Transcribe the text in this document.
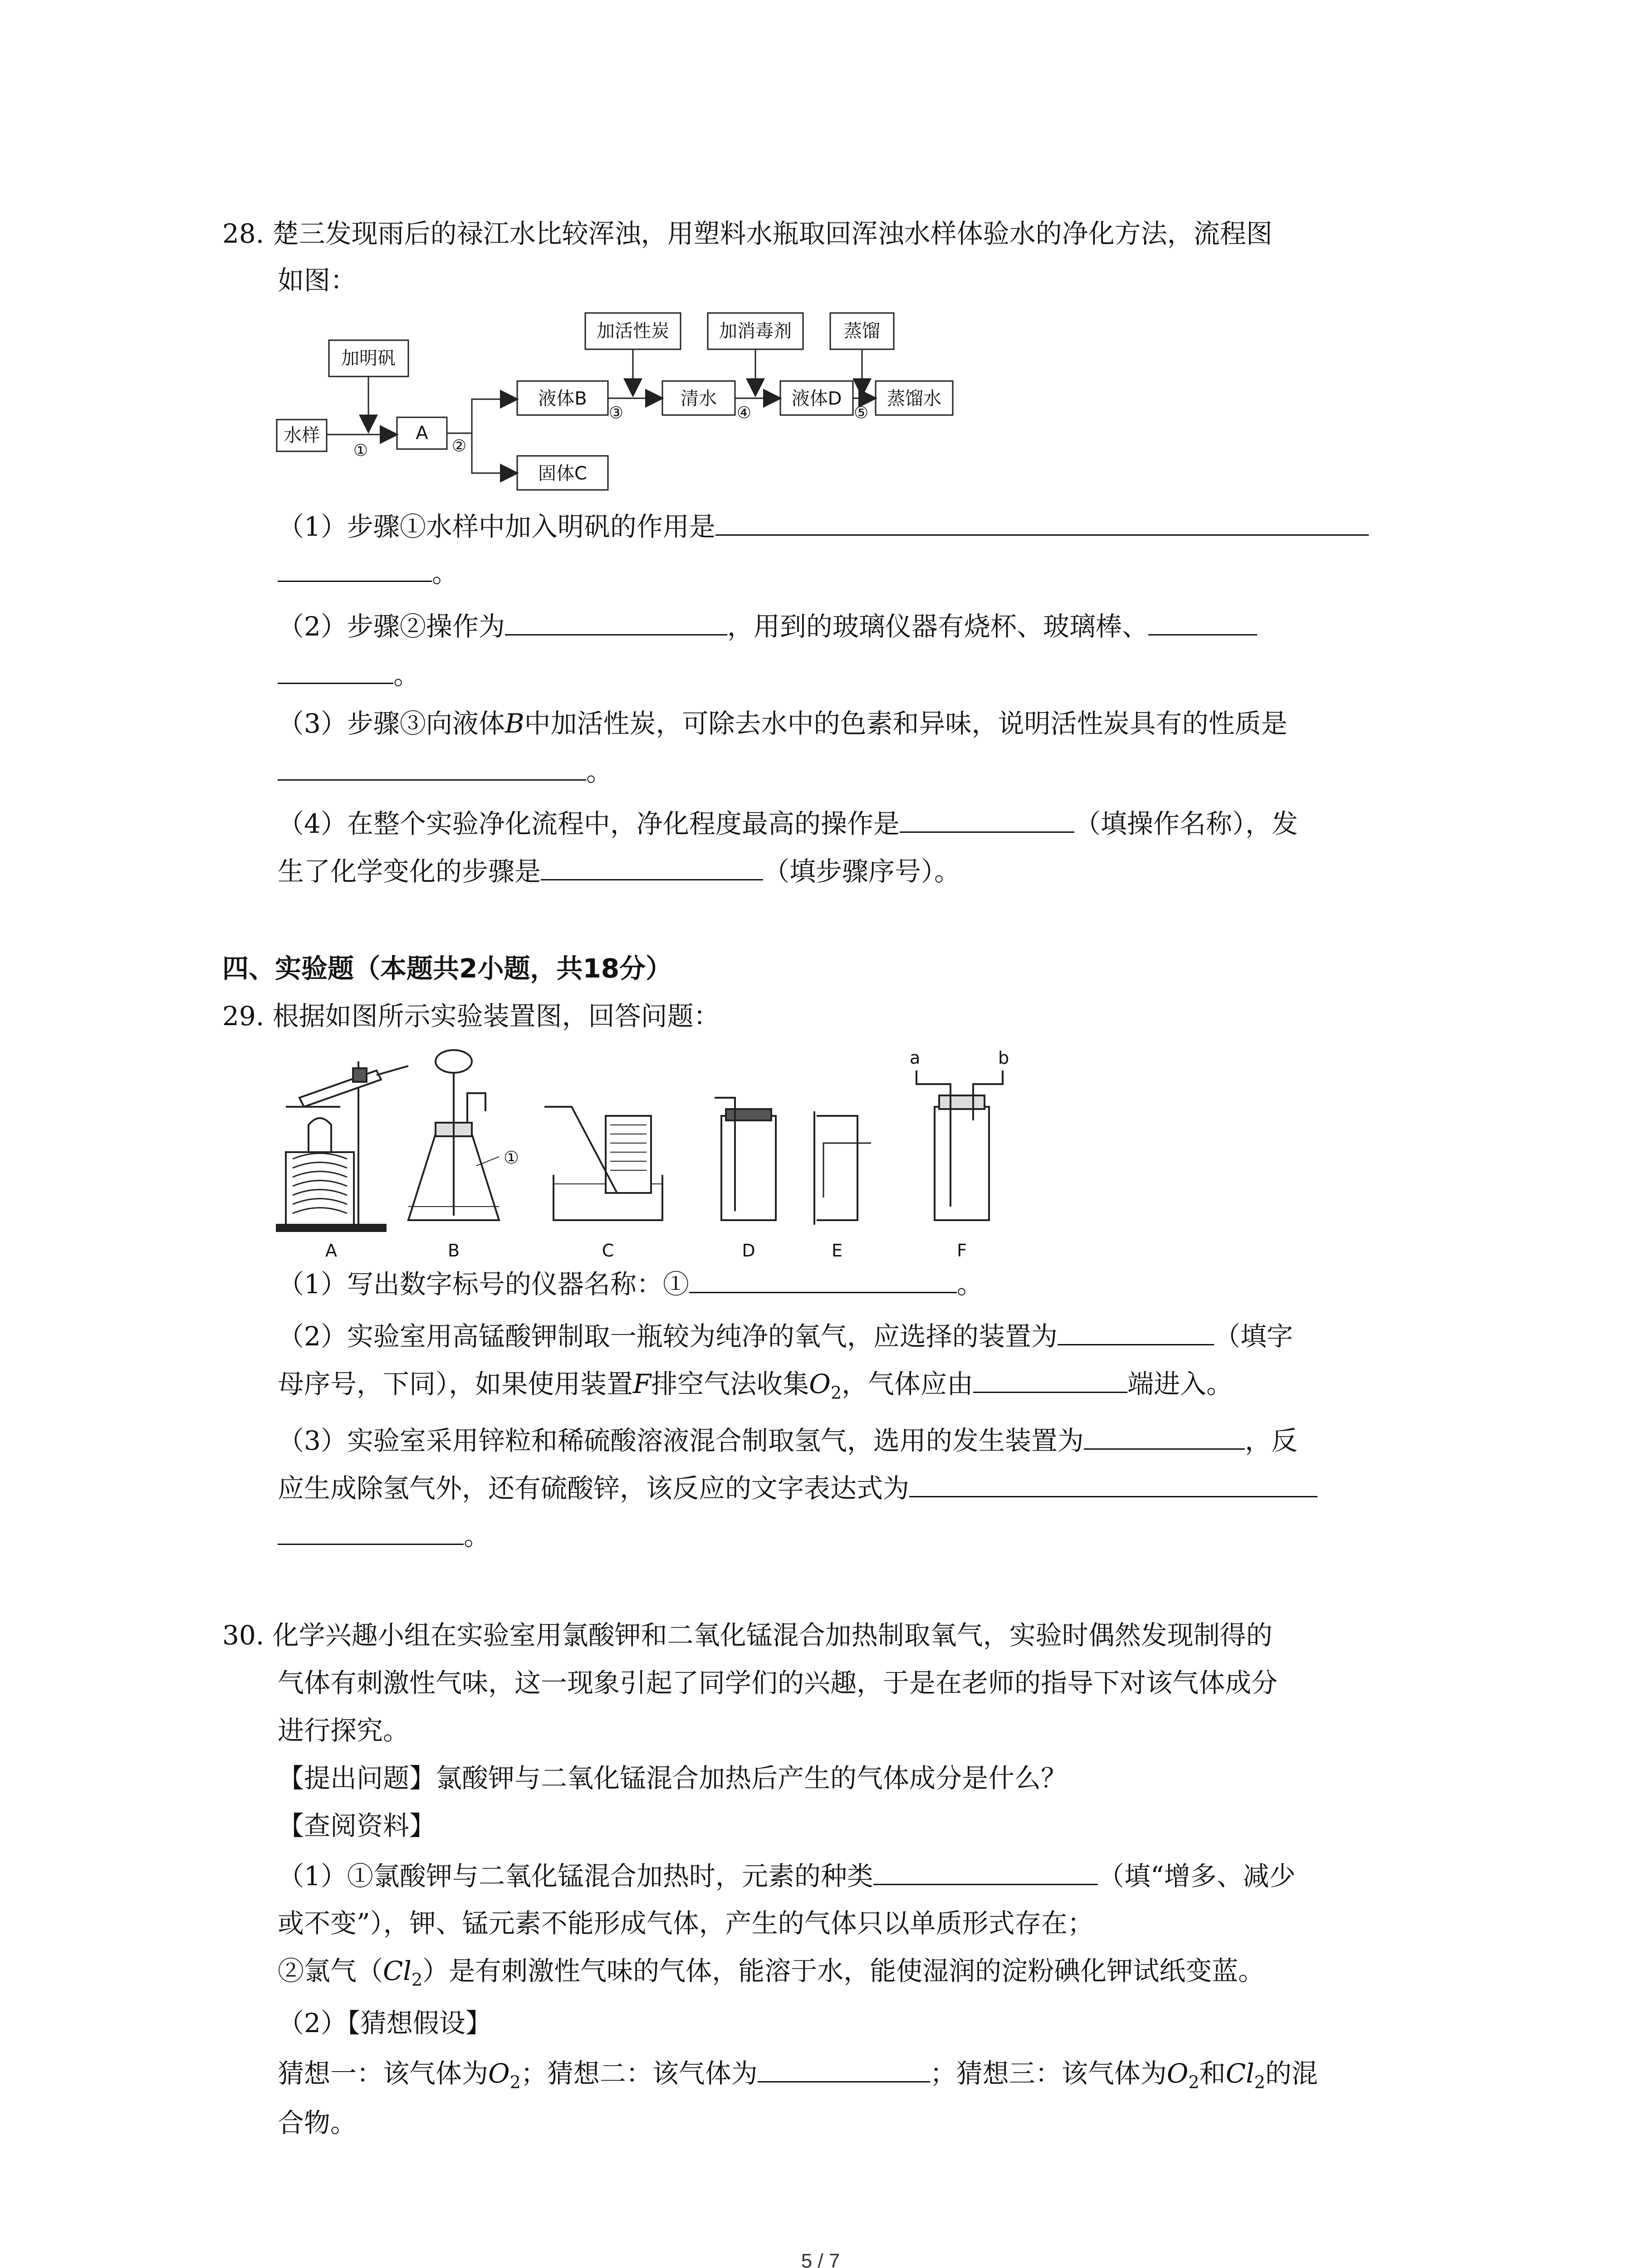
28. 楚三发现雨后的禄江水比较浑浊，用塑料水瓶取回浑浊水样体验水的净化方法，流程图
如图：
水样
加明矾
A
液体B
固体C
加活性炭
清水
加消毒剂
液体D
蒸馏
蒸馏水
①	②
③	④	⑤
（1）步骤①水样中加入明矾的作用是
。
（2）步骤②操作为	，用到的玻璃仪器有烧杯、玻璃棒、
。
（3）步骤③向液体B中加活性炭，可除去水中的色素和异味，说明活性炭具有的性质是
。
（4）在整个实验净化流程中，净化程度最高的操作是	（填操作名称），发
生了化学变化的步骤是	（填步骤序号）。
四、实验题（本题共2小题，共18分）
29. 根据如图所示实验装置图，回答问题：
①
a	b
A	B	C	D	E	F
（1）写出数字标号的仪器名称：①	。
（2）实验室用高锰酸钾制取一瓶较为纯净的氧气，应选择的装置为	（填字
母序号，下同），如果使用装置F排空气法收集$O_2$，气体应由	端进入。
（3）实验室采用锌粒和稀硫酸溶液混合制取氢气，选用的发生装置为	，反
应生成除氢气外，还有硫酸锌，该反应的文字表达式为
。
30. 化学兴趣小组在实验室用氯酸钾和二氧化锰混合加热制取氧气，实验时偶然发现制得的
气体有刺激性气味，这一现象引起了同学们的兴趣，于是在老师的指导下对该气体成分
进行探究。
【提出问题】氯酸钾与二氧化锰混合加热后产生的气体成分是什么？
【查阅资料】
（1）①氯酸钾与二氧化锰混合加热时，元素的种类	（填“增多、减少
或不变”），钾、锰元素不能形成气体，产生的气体只以单质形式存在；
②氯气$(Cl_2)$是有刺激性气味的气体，能溶于水，能使湿润的淀粉碘化钾试纸变蓝。
（2）【猜想假设】
猜想一：该气体为$O_2$；猜想二：该气体为	；猜想三：该气体为$O_2$和$Cl_2$的混
合物。
5 / 7
